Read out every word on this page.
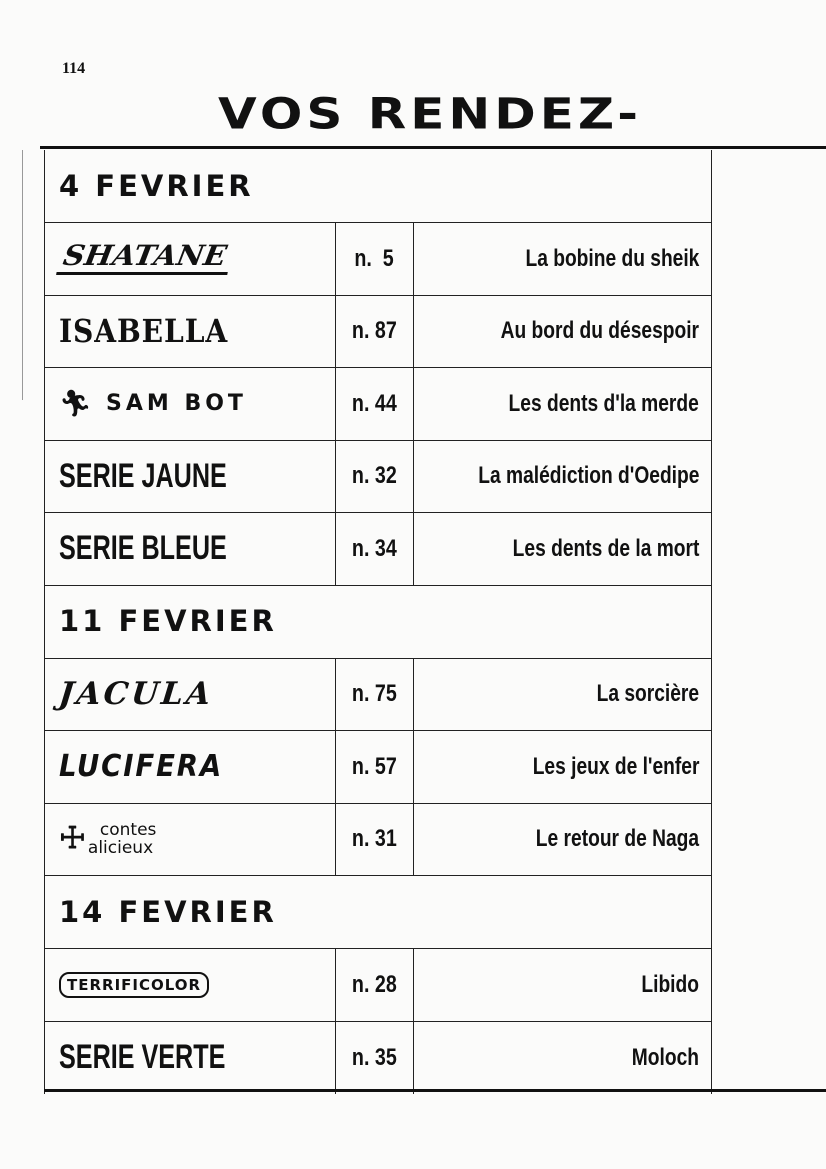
114
VOS RENDEZ-
4 FEVRIER
SHATANE	n.  5	La bobine du sheik
ISABELLA	n. 87	Au bord du désespoir
🏃︎ SAM BOT	n. 44	Les dents d'la merde
SERIE JAUNE	n. 32	La malédiction d'Oedipe
SERIE BLEUE	n. 34	Les dents de la mort
11 FEVRIER
JACULA	n. 75	La sorcière
LUCIFERA	n. 57	Les jeux de l'enfer
☩ contes
alicieux	n. 31	Le retour de Naga
14 FEVRIER
TERRIFICOLOR	n. 28	Libido
SERIE VERTE	n. 35	Moloch
